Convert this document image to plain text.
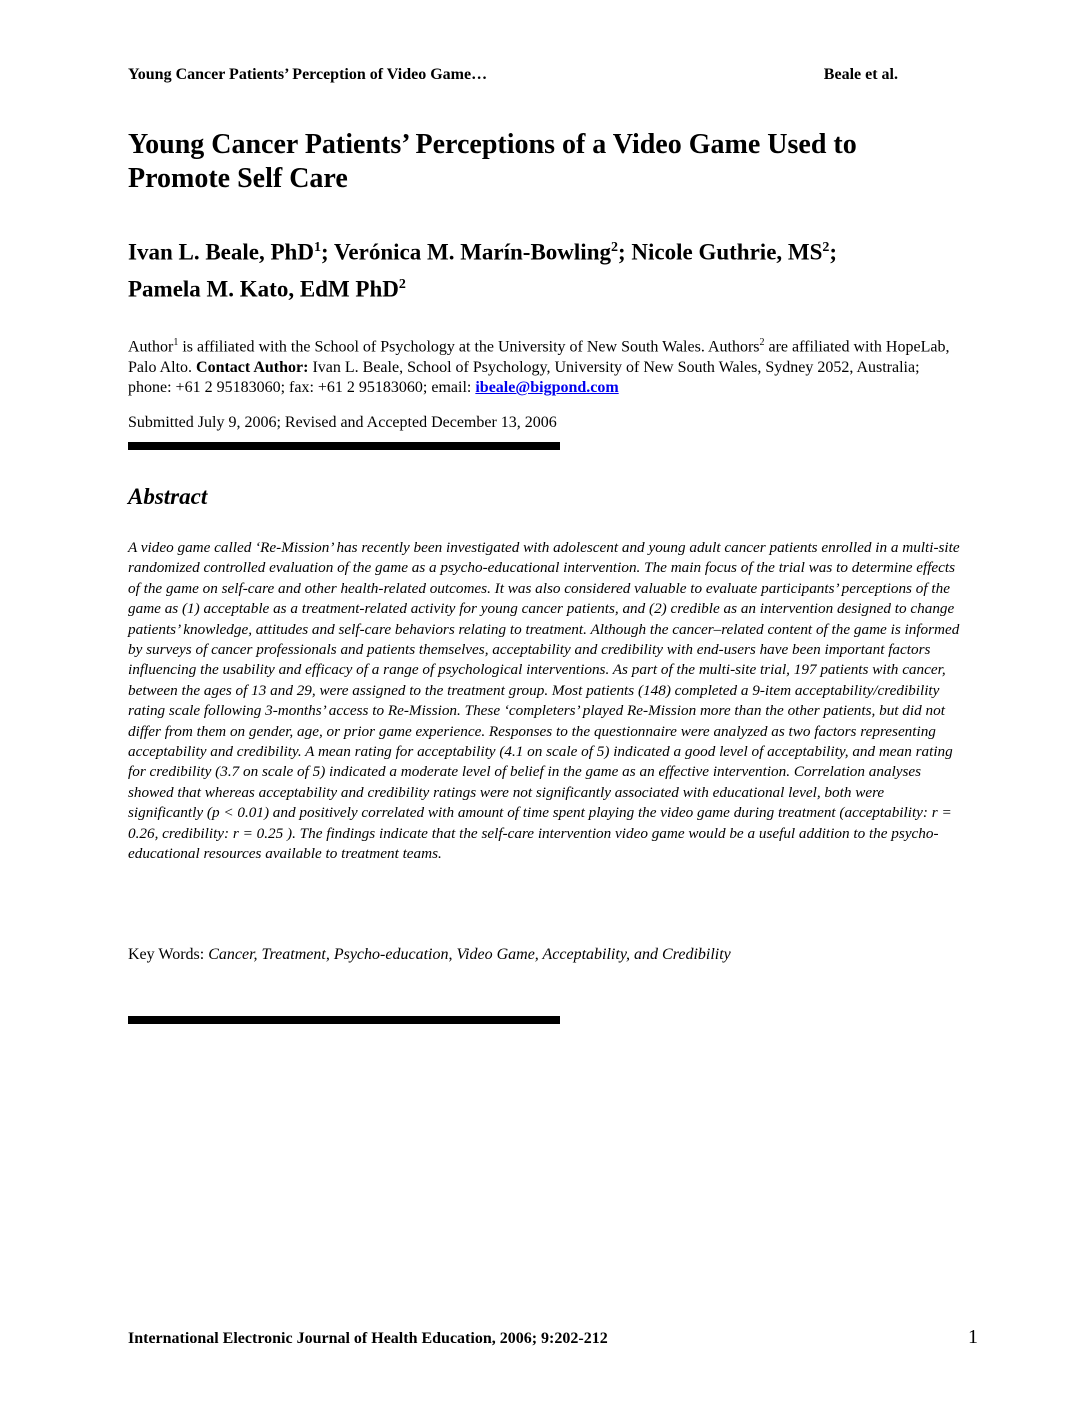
Young Cancer Patients’ Perception of Video Game…	Beale et al.
Young Cancer Patients’ Perceptions of a Video Game Used to
Promote Self Care

Ivan L. Beale, PhD$^1$; Verónica M. Marín-Bowling$^2$; Nicole Guthrie, $MS^2$;
Pamela M. Kato, EdM PhD$^2$

Author$^1$ is affiliated with the School of Psychology at the University of New South Wales. Authors$^2$ are affiliated with HopeLab, Palo Alto. Contact Author: Ivan L. Beale, School of Psychology, University of New South Wales, Sydney 2052, Australia; phone: +61 2 95183060; fax: +61 2 95183060; email: ibeale@bigpond.com

Submitted July 9, 2006; Revised and Accepted December 13, 2006

Abstract

A video game called ‘Re-Mission’ has recently been investigated with adolescent and young adult cancer patients enrolled in a multi-site randomized controlled evaluation of the game as a psycho-educational intervention. The main focus of the trial was to determine effects of the game on self-care and other health-related outcomes. It was also considered valuable to evaluate participants’ perceptions of the game as (1) acceptable as a treatment-related activity for young cancer patients, and (2) credible as an intervention designed to change patients’ knowledge, attitudes and self-care behaviors relating to treatment. Although the cancer–related content of the game is informed by surveys of cancer professionals and patients themselves, acceptability and credibility with end-users have been important factors influencing the usability and efficacy of a range of psychological interventions. As part of the multi-site trial, 197 patients with cancer, between the ages of 13 and 29, were assigned to the treatment group. Most patients (148) completed a 9-item acceptability/credibility rating scale following 3-months’ access to Re-Mission. These ‘completers’ played Re-Mission more than the other patients, but did not differ from them on gender, age, or prior game experience. Responses to the questionnaire were analyzed as two factors representing acceptability and credibility. A mean rating for acceptability (4.1 on scale of 5) indicated a good level of acceptability, and mean rating for credibility (3.7 on scale of 5) indicated a moderate level of belief in the game as an effective intervention. Correlation analyses showed that whereas acceptability and credibility ratings were not significantly associated with educational level, both were significantly (p < 0.01) and positively correlated with amount of time spent playing the video game during treatment (acceptability: r = 0.26, credibility: r = 0.25 ). The findings indicate that the self-care intervention video game would be a useful addition to the psycho-educational resources available to treatment teams.

Key Words: Cancer, Treatment, Psycho-education, Video Game, Acceptability, and Credibility

International Electronic Journal of Health Education, 2006; 9:202-212	1
